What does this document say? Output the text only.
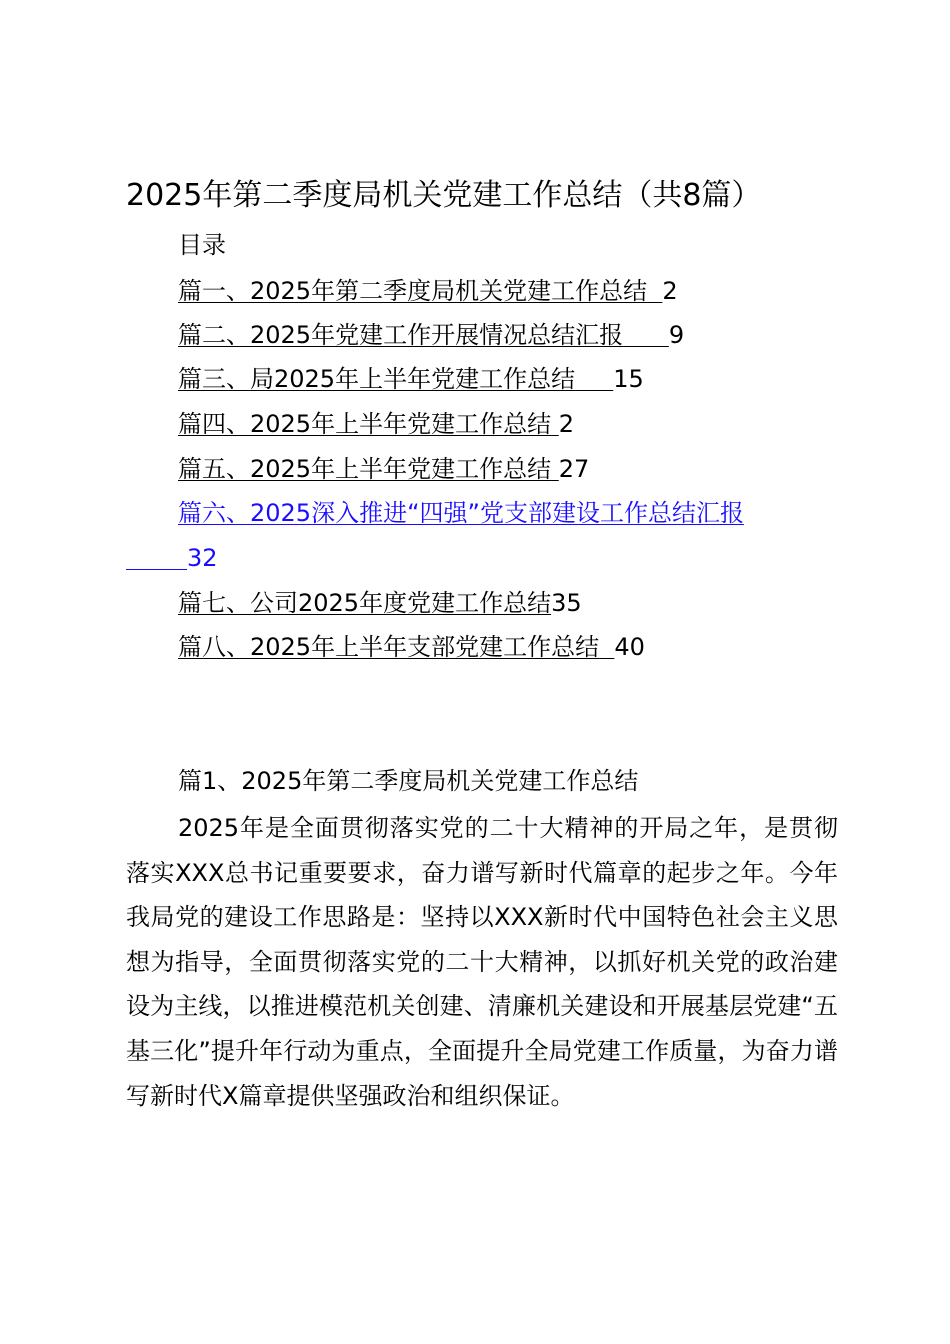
2025年第二季度局机关党建工作总结（共8篇）
目录
篇一、2025年第二季度局机关党建工作总结 2
篇二、2025年党建工作开展情况总结汇报 9
篇三、局2025年上半年党建工作总结 15
篇四、2025年上半年党建工作总结 2
篇五、2025年上半年党建工作总结 27
篇六、2025深入推进“四强”党支部建设工作总结汇报
32
篇七、公司2025年度党建工作总结35
篇八、2025年上半年支部党建工作总结 40
篇1、2025年第二季度局机关党建工作总结
2025年是全面贯彻落实党的二十大精神的开局之年，是贯彻落实XXX总书记重要要求，奋力谱写新时代篇章的起步之年。今年我局党的建设工作思路是：坚持以XXX新时代中国特色社会主义思想为指导，全面贯彻落实党的二十大精神，以抓好机关党的政治建设为主线，以推进模范机关创建、清廉机关建设和开展基层党建“五基三化”提升年行动为重点，全面提升全局党建工作质量，为奋力谱写新时代X篇章提供坚强政治和组织保证。
